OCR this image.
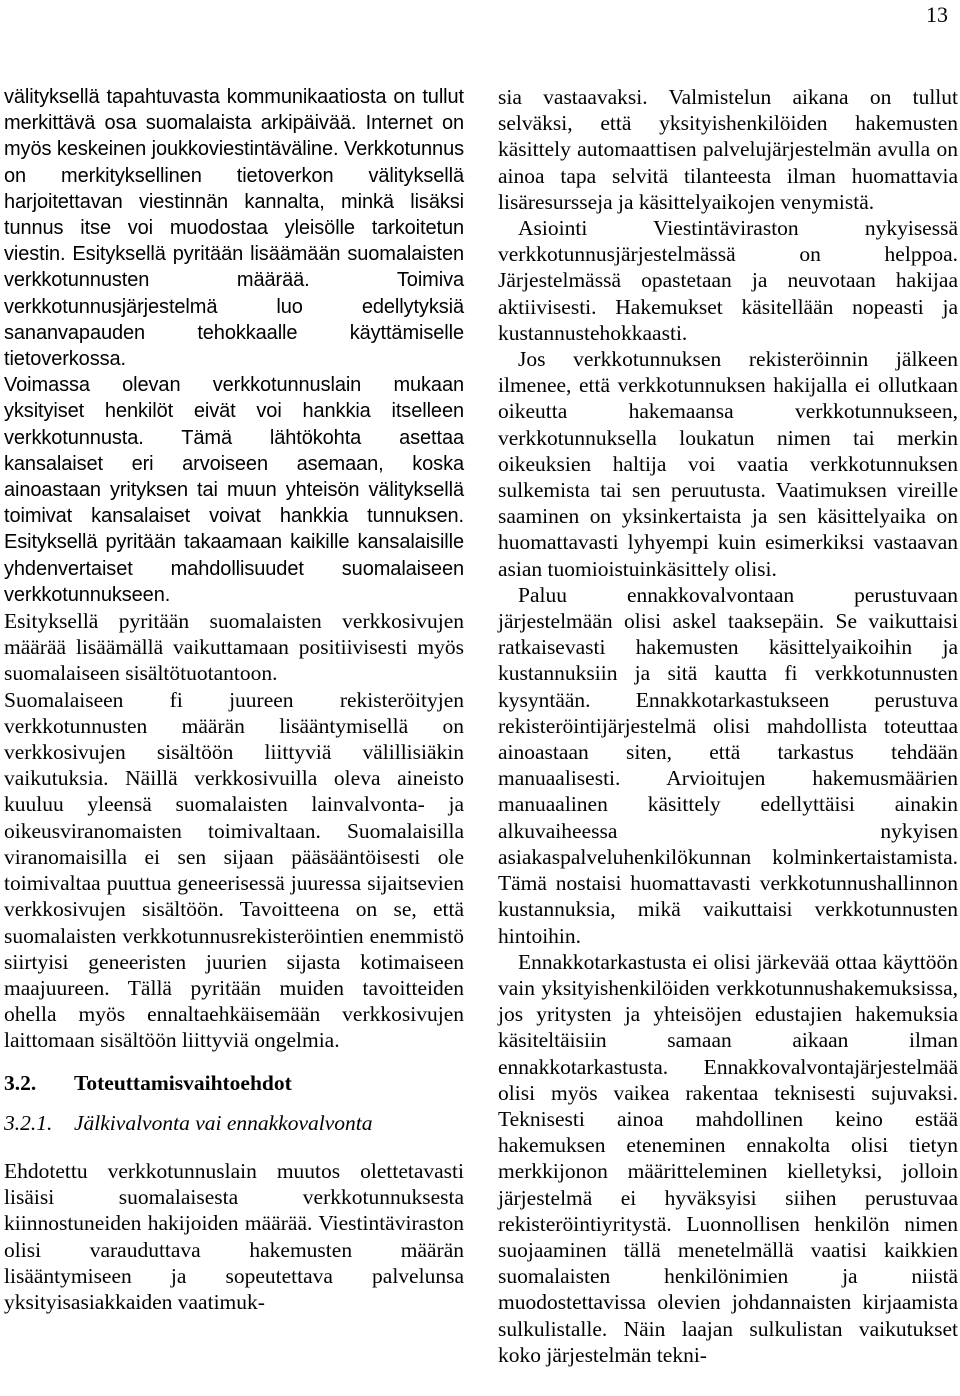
13

välityksellä tapahtuvasta kommunikaatiosta on tullut merkittävä osa suomalaista arkipäivää. Internet on myös keskeinen joukkoviestintäväline. Verkkotunnus on merkityksellinen tietoverkon välityksellä harjoitettavan viestinnän kannalta, minkä lisäksi tunnus itse voi muodostaa yleisölle tarkoitetun viestin. Esityksellä pyritään lisäämään suomalaisten verkkotunnusten määrää. Toimiva verkkotunnusjärjestelmä luo edellytyksiä sananvapauden tehokkaalle käyttämiselle tietoverkossa.

Voimassa olevan verkkotunnuslain mukaan yksityiset henkilöt eivät voi hankkia itselleen verkkotunnusta. Tämä lähtökohta asettaa kansalaiset eri arvoiseen asemaan, koska ainoastaan yrityksen tai muun yhteisön välityksellä toimivat kansalaiset voivat hankkia tunnuksen. Esityksellä pyritään takaamaan kaikille kansalaisille yhdenvertaiset mahdollisuudet suomalaiseen verkkotunnukseen.

Esityksellä pyritään suomalaisten verkkosivujen määrää lisäämällä vaikuttamaan positiivisesti myös suomalaiseen sisältötuotantoon.

Suomalaiseen fi juureen rekisteröityjen verkkotunnusten määrän lisääntymisellä on verkkosivujen sisältöön liittyviä välillisiäkin vaikutuksia. Näillä verkkosivuilla oleva aineisto kuuluu yleensä suomalaisten lainvalvonta- ja oikeusviranomaisten toimivaltaan. Suomalaisilla viranomaisilla ei sen sijaan pääsääntöisesti ole toimivaltaa puuttua geneerisessä juuressa sijaitsevien verkkosivujen sisältöön. Tavoitteena on se, että suomalaisten verkkotunnusrekisteröintien enemmistö siirtyisi geneeristen juurien sijasta kotimaiseen maajuureen. Tällä pyritään muiden tavoitteiden ohella myös ennaltaehkäisemään verkkosivujen laittomaan sisältöön liittyviä ongelmia.

3.2.	Toteuttamisvaihtoehdot
3.2.1.	Jälkivalvonta vai ennakkovalvonta

Ehdotettu verkkotunnuslain muutos olettetavasti lisäisi suomalaisesta verkkotunnuksesta kiinnostuneiden hakijoiden määrää. Viestintäviraston olisi varauduttava hakemusten määrän lisääntymiseen ja sopeutettava palvelunsa yksityisasiakkaiden vaatimuk-

sia vastaavaksi. Valmistelun aikana on tullut selväksi, että yksityishenkilöiden hakemusten käsittely automaattisen palvelujärjestelmän avulla on ainoa tapa selvitä tilanteesta ilman huomattavia lisäresursseja ja käsittelyaikojen venymistä.

Asiointi Viestintäviraston nykyisessä verkkotunnusjärjestelmässä on helppoa. Järjestelmässä opastetaan ja neuvotaan hakijaa aktiivisesti. Hakemukset käsitellään nopeasti ja kustannustehokkaasti.

Jos verkkotunnuksen rekisteröinnin jälkeen ilmenee, että verkkotunnuksen hakijalla ei ollutkaan oikeutta hakemaansa verkkotunnukseen, verkkotunnuksella loukatun nimen tai merkin oikeuksien haltija voi vaatia verkkotunnuksen sulkemista tai sen peruutusta. Vaatimuksen vireille saaminen on yksinkertaista ja sen käsittelyaika on huomattavasti lyhyempi kuin esimerkiksi vastaavan asian tuomioistuinkäsittely olisi.

Paluu ennakkovalvontaan perustuvaan järjestelmään olisi askel taaksepäin. Se vaikuttaisi ratkaisevasti hakemusten käsittelyaikoihin ja kustannuksiin ja sitä kautta fi verkkotunnusten kysyntään. Ennakkotarkastukseen perustuva rekisteröintijärjestelmä olisi mahdollista toteuttaa ainoastaan siten, että tarkastus tehdään manuaalisesti. Arvioitujen hakemusmäärien manuaalinen käsittely edellyttäisi ainakin alkuvaiheessa nykyisen asiakaspalveluhenkilökunnan kolminkertaistamista. Tämä nostaisi huomattavasti verkkotunnushallinnon kustannuksia, mikä vaikuttaisi verkkotunnusten hintoihin.

Ennakkotarkastusta ei olisi järkevää ottaa käyttöön vain yksityishenkilöiden verkkotunnushakemuksissa, jos yritysten ja yhteisöjen edustajien hakemuksia käsiteltäisiin samaan aikaan ilman ennakkotarkastusta. Ennakkovalvontajärjestelmää olisi myös vaikea rakentaa teknisesti sujuvaksi. Teknisesti ainoa mahdollinen keino estää hakemuksen eteneminen ennakolta olisi tietyn merkkijonon määritteleminen kielletyksi, jolloin järjestelmä ei hyväksyisi siihen perustuvaa rekisteröintiyritystä. Luonnollisen henkilön nimen suojaaminen tällä menetelmällä vaatisi kaikkien suomalaisten henkilönimien ja niistä muodostettavissa olevien johdannaisten kirjaamista sulkulistalle. Näin laajan sulkulistan vaikutukset koko järjestelmän tekni-
